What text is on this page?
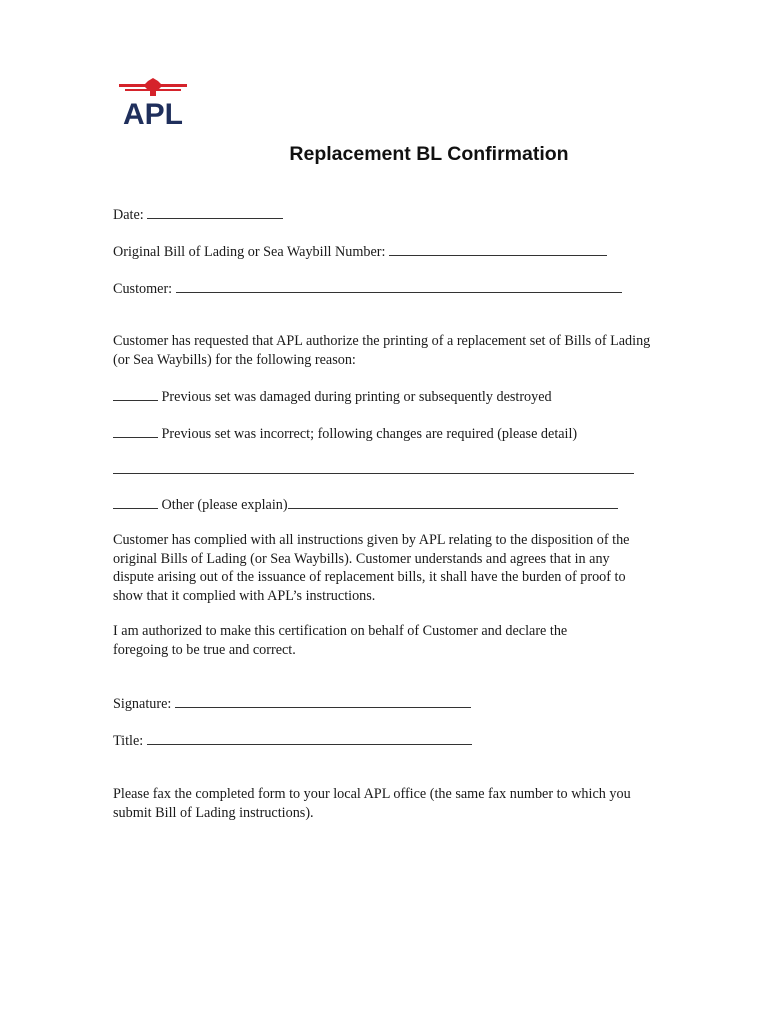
APL
Replacement BL Confirmation
Date:
Original Bill of Lading or Sea Waybill Number:
Customer:
Customer has requested that APL authorize the printing of a replacement set of Bills of Lading (or Sea Waybills) for the following reason:
Previous set was damaged during printing or subsequently destroyed
Previous set was incorrect; following changes are required (please detail)
Other (please explain)
Customer has complied with all instructions given by APL relating to the disposition of the original Bills of Lading (or Sea Waybills). Customer understands and agrees that in any dispute arising out of the issuance of replacement bills, it shall have the burden of proof to show that it complied with APL’s instructions.
I am authorized to make this certification on behalf of Customer and declare the foregoing to be true and correct.
Signature:
Title:
Please fax the completed form to your local APL office (the same fax number to which you submit Bill of Lading instructions).
